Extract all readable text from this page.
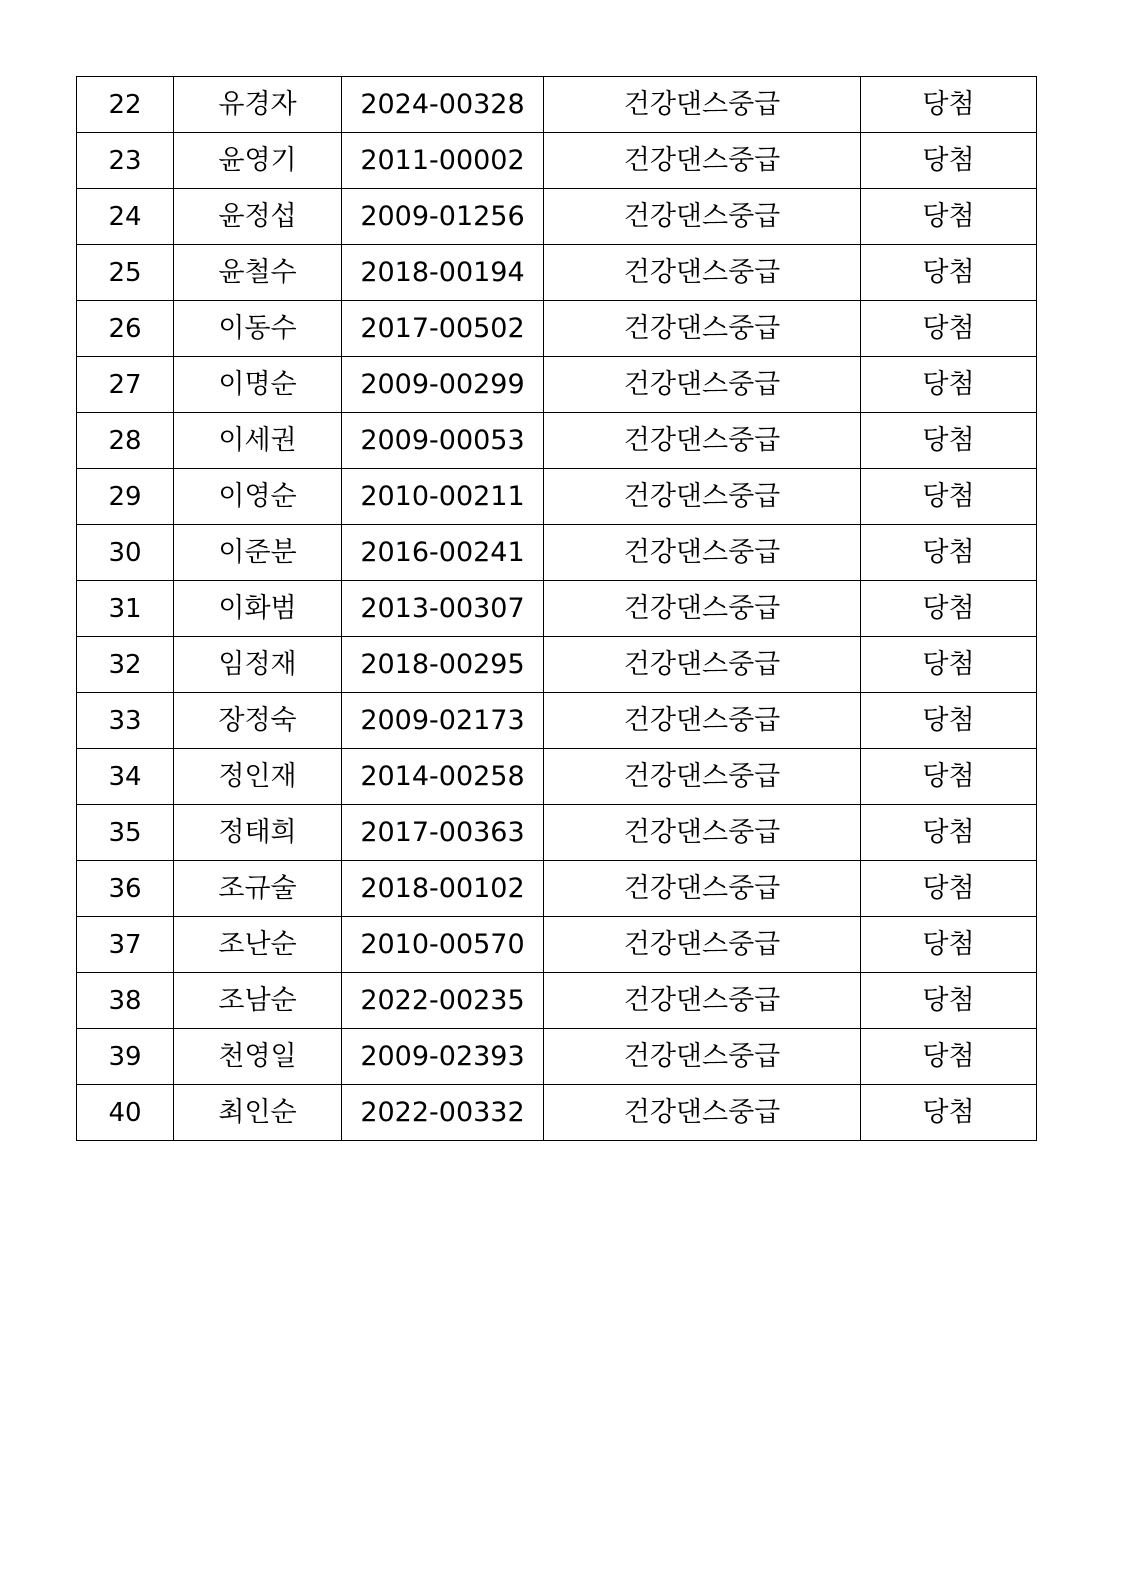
22	유경자	2024-00328	건강댄스중급	당첨
23	윤영기	2011-00002	건강댄스중급	당첨
24	윤정섭	2009-01256	건강댄스중급	당첨
25	윤철수	2018-00194	건강댄스중급	당첨
26	이동수	2017-00502	건강댄스중급	당첨
27	이명순	2009-00299	건강댄스중급	당첨
28	이세권	2009-00053	건강댄스중급	당첨
29	이영순	2010-00211	건강댄스중급	당첨
30	이준분	2016-00241	건강댄스중급	당첨
31	이화범	2013-00307	건강댄스중급	당첨
32	임정재	2018-00295	건강댄스중급	당첨
33	장정숙	2009-02173	건강댄스중급	당첨
34	정인재	2014-00258	건강댄스중급	당첨
35	정태희	2017-00363	건강댄스중급	당첨
36	조규술	2018-00102	건강댄스중급	당첨
37	조난순	2010-00570	건강댄스중급	당첨
38	조남순	2022-00235	건강댄스중급	당첨
39	천영일	2009-02393	건강댄스중급	당첨
40	최인순	2022-00332	건강댄스중급	당첨
